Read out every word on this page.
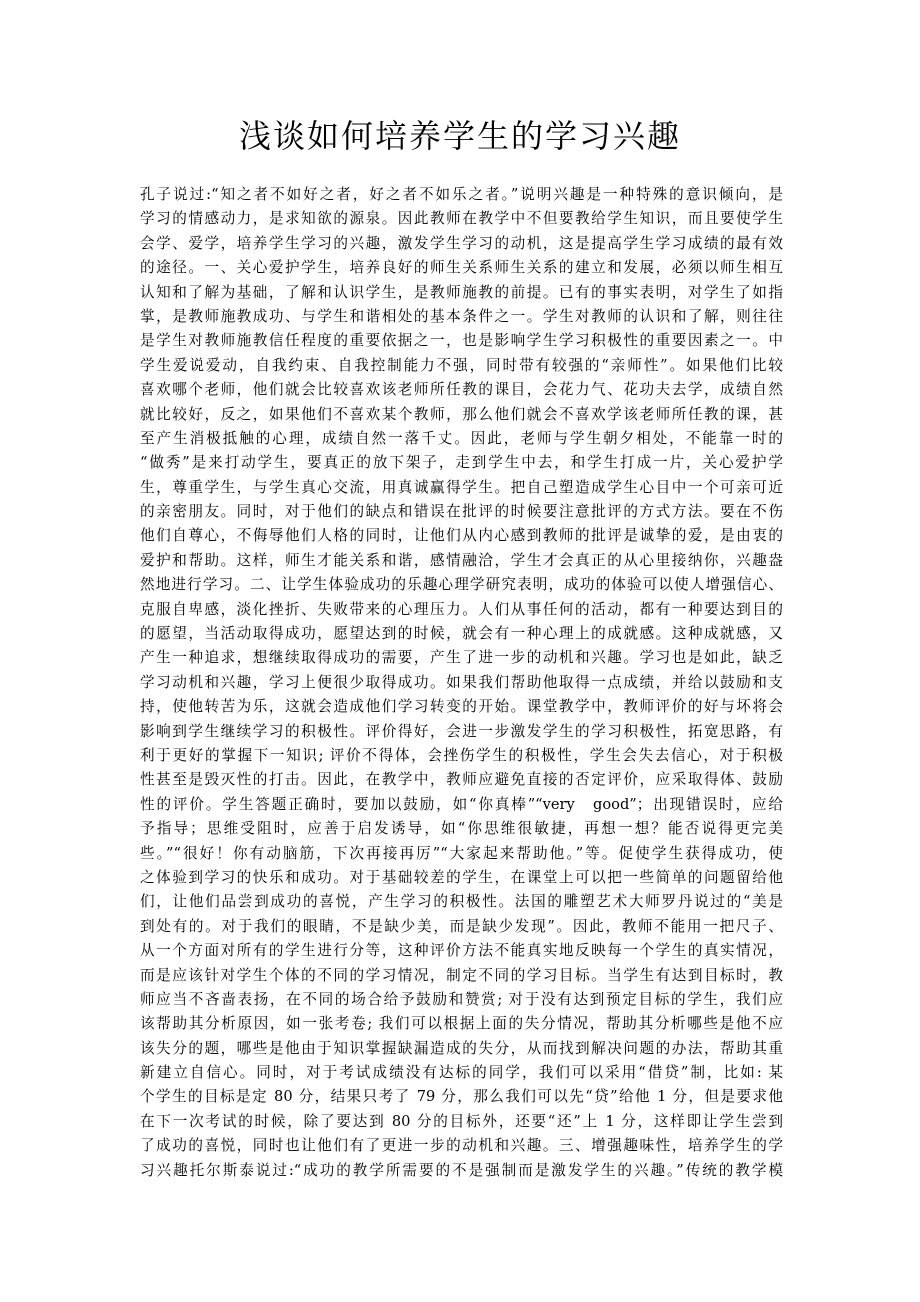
浅谈如何培养学生的学习兴趣
孔子说过:“知之者不如好之者，好之者不如乐之者。”说明兴趣是一种特殊的意识倾向，是
学习的情感动力，是求知欲的源泉。因此教师在教学中不但要教给学生知识，而且要使学生
会学、爱学，培养学生学习的兴趣，激发学生学习的动机，这是提高学生学习成绩的最有效
的途径。一、关心爱护学生，培养良好的师生关系师生关系的建立和发展，必须以师生相互
认知和了解为基础，了解和认识学生，是教师施教的前提。已有的事实表明，对学生了如指
掌，是教师施教成功、与学生和谐相处的基本条件之一。学生对教师的认识和了解，则往往
是学生对教师施教信任程度的重要依据之一，也是影响学生学习积极性的重要因素之一。中
学生爱说爱动，自我约束、自我控制能力不强，同时带有较强的“亲师性”。如果他们比较
喜欢哪个老师，他们就会比较喜欢该老师所任教的课目，会花力气、花功夫去学，成绩自然
就比较好，反之，如果他们不喜欢某个教师，那么他们就会不喜欢学该老师所任教的课，甚
至产生消极抵触的心理，成绩自然一落千丈。因此，老师与学生朝夕相处，不能靠一时的
“做秀”是来打动学生，要真正的放下架子，走到学生中去，和学生打成一片，关心爱护学
生，尊重学生，与学生真心交流，用真诚赢得学生。把自己塑造成学生心目中一个可亲可近
的亲密朋友。同时，对于他们的缺点和错误在批评的时候要注意批评的方式方法。要在不伤
他们自尊心，不侮辱他们人格的同时，让他们从内心感到教师的批评是诚挚的爱，是由衷的
爱护和帮助。这样，师生才能关系和谐，感情融洽，学生才会真正的从心里接纳你，兴趣盎
然地进行学习。二、让学生体验成功的乐趣心理学研究表明，成功的体验可以使人增强信心、
克服自卑感，淡化挫折、失败带来的心理压力。人们从事任何的活动，都有一种要达到目的
的愿望，当活动取得成功，愿望达到的时候，就会有一种心理上的成就感。这种成就感，又
产生一种追求，想继续取得成功的需要，产生了进一步的动机和兴趣。学习也是如此，缺乏
学习动机和兴趣，学习上便很少取得成功。如果我们帮助他取得一点成绩，并给以鼓励和支
持，使他转苦为乐，这就会造成他们学习转变的开始。课堂教学中，教师评价的好与坏将会
影响到学生继续学习的积极性。评价得好，会进一步激发学生的学习积极性，拓宽思路，有
利于更好的掌握下一知识; 评价不得体，会挫伤学生的积极性，学生会失去信心，对于积极
性甚至是毁灭性的打击。因此，在教学中，教师应避免直接的否定评价，应采取得体、鼓励
性的评价。学生答题正确时，要加以鼓励，如“你真棒”“very　good”；出现错误时，应给
予指导；思维受阻时，应善于启发诱导，如“你思维很敏捷，再想一想？能否说得更完美
些。”“很好！你有动脑筋，下次再接再厉”“大家起来帮助他。”等。促使学生获得成功，使
之体验到学习的快乐和成功。对于基础较差的学生，在课堂上可以把一些简单的问题留给他
们，让他们品尝到成功的喜悦，产生学习的积极性。法国的雕塑艺术大师罗丹说过的“美是
到处有的。对于我们的眼睛，不是缺少美，而是缺少发现”。因此，教师不能用一把尺子、
从一个方面对所有的学生进行分等，这种评价方法不能真实地反映每一个学生的真实情况，
而是应该针对学生个体的不同的学习情况，制定不同的学习目标。当学生有达到目标时，教
师应当不吝啬表扬，在不同的场合给予鼓励和赞赏; 对于没有达到预定目标的学生，我们应
该帮助其分析原因，如一张考卷; 我们可以根据上面的失分情况，帮助其分析哪些是他不应
该失分的题，哪些是他由于知识掌握缺漏造成的失分，从而找到解决问题的办法，帮助其重
新建立自信心。同时，对于考试成绩没有达标的同学，我们可以采用“借贷”制，比如: 某
个学生的目标是定 80 分，结果只考了 79 分，那么我们可以先“贷”给他 1 分，但是要求他
在下一次考试的时候，除了要达到 80 分的目标外，还要“还”上 1 分，这样即让学生尝到
了成功的喜悦，同时也让他们有了更进一步的动机和兴趣。三、增强趣味性，培养学生的学
习兴趣托尔斯泰说过:“成功的教学所需要的不是强制而是激发学生的兴趣。”传统的教学模
